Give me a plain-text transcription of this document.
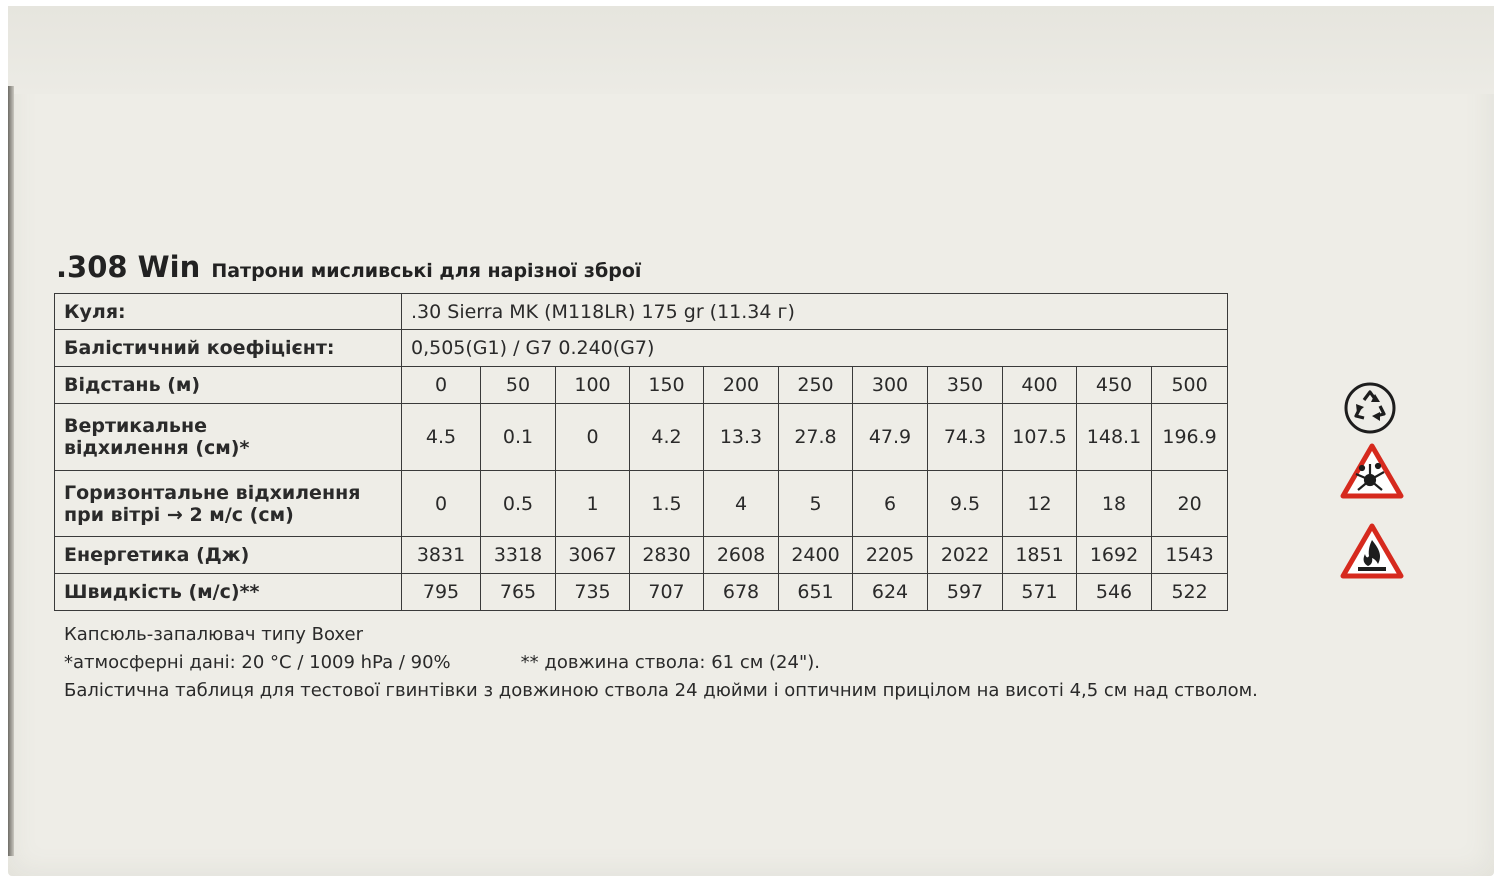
.308 Win Патрони мисливські для нарізної зброї
Куля:	.30 Sierra MK (M118LR) 175 gr (11.34 г)										
Балістичний коефіцієнт:	0,505(G1) / G7 0.240(G7)										
Відстань (м)	0	50	100	150	200	250	300	350	400	450	500

Вертикальне
відхилення (см)*	4.5	0.1	0	4.2	13.3	27.8	47.9	74.3	107.5	148.1	196.9

Горизонтальне відхилення
при вітрі → 2 м/с (см)	0	0.5	1	1.5	4	5	6	9.5	12	18	20
Енергетика (Дж)	3831	3318	3067	2830	2608	2400	2205	2022	1851	1692	1543
Швидкість (м/с)**	795	765	735	707	678	651	624	597	571	546	522
Капсюль-запалювач типу Boxer
*атмосферні дані: 20 °C / 1009 hPa / 90%	** довжина ствола: 61 см (24").
Балістична таблиця для тестової гвинтівки з довжиною ствола 24 дюйми і оптичним прицілом на висоті 4,5 см над стволом.
